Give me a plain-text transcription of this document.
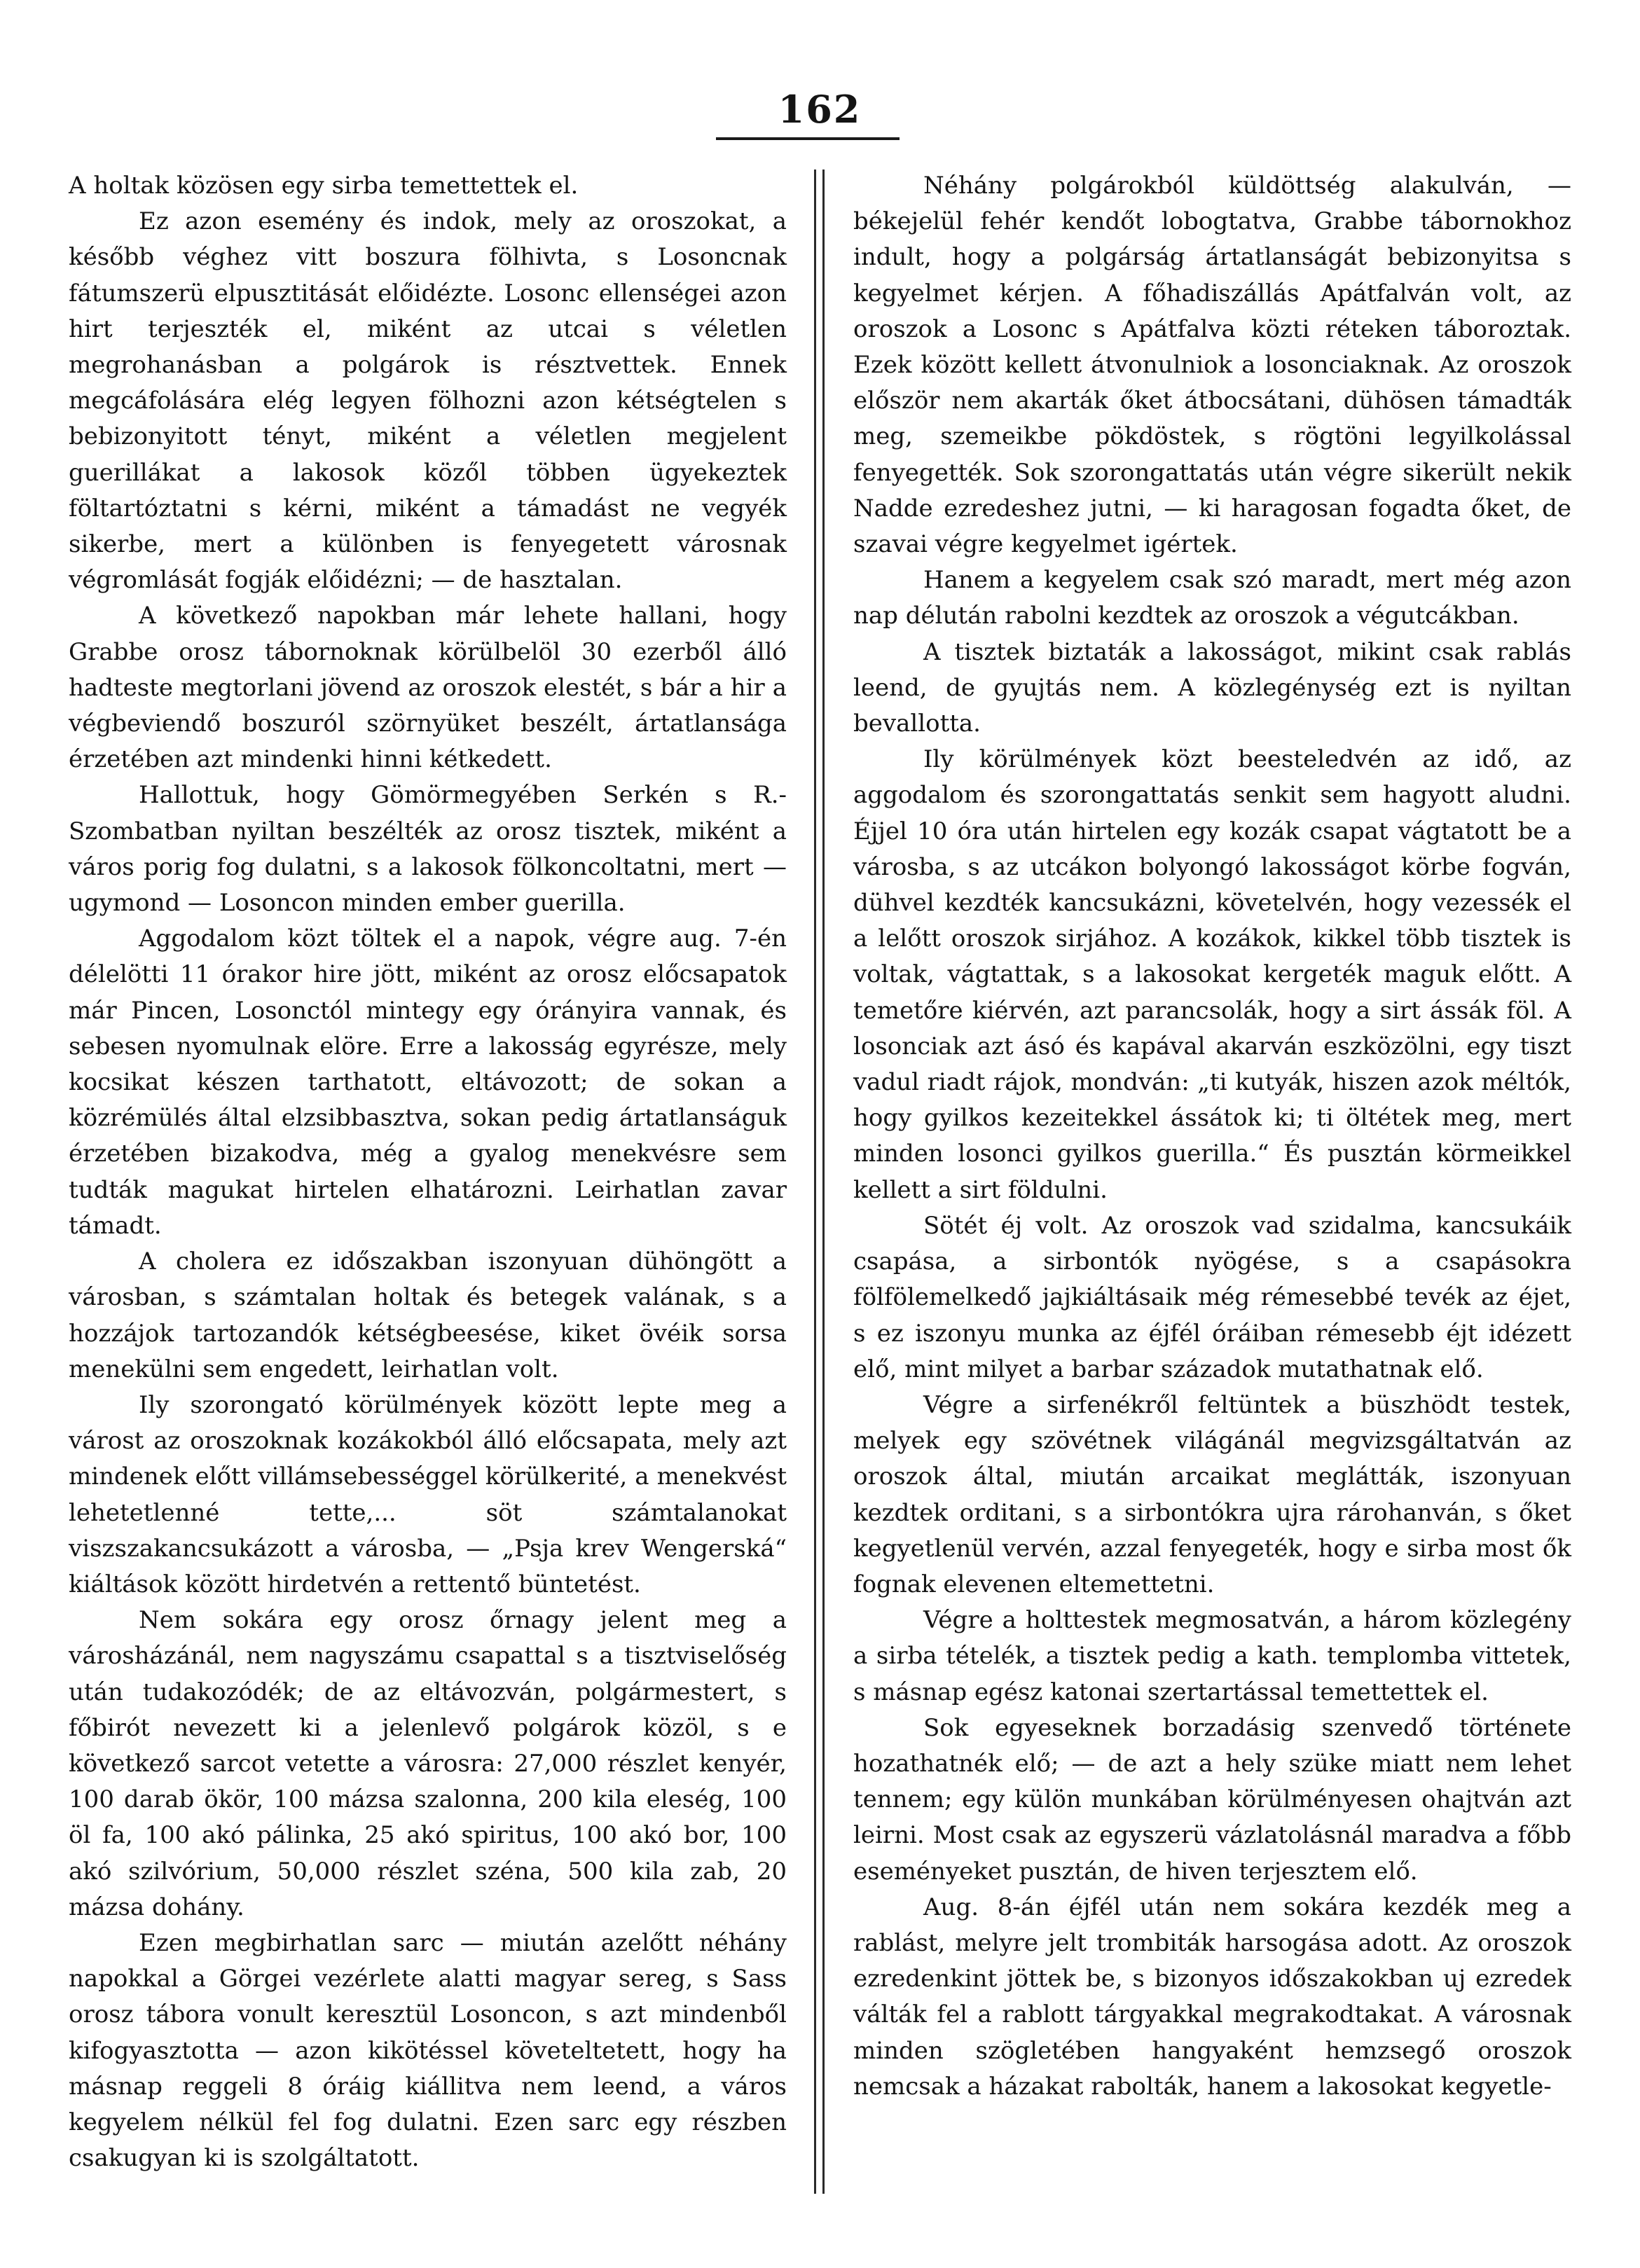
162

A holtak közösen egy sirba temettettek el.

Ez azon esemény és indok, mely az oroszokat, a később véghez vitt boszura fölhivta, s Losoncnak fátumszerü elpusztitását előidézte. Losonc ellenségei azon hirt terjeszték el, miként az utcai s véletlen megrohanásban a polgárok is résztvettek. Ennek megcáfolására elég legyen fölhozni azon kétségtelen s bebizonyitott tényt, miként a véletlen megjelent guerillákat a lakosok közől többen ügyekeztek föltartóztatni s kérni, miként a támadást ne vegyék sikerbe, mert a különben is fenyegetett városnak végromlását fogják előidézni; — de hasztalan.

A következő napokban már lehete hallani, hogy Grabbe orosz tábornoknak körülbelöl 30 ezerből álló hadteste megtorlani jövend az oroszok elestét, s bár a hir a végbeviendő boszuról szörnyüket beszélt, ártatlansága érzetében azt mindenki hinni kétkedett.

Hallottuk, hogy Gömörmegyében Serkén s R.-Szombatban nyiltan beszélték az orosz tisztek, miként a város porig fog dulatni, s a lakosok fölkoncoltatni, mert — ugymond — Losoncon minden ember guerilla.

Aggodalom közt töltek el a napok, végre aug. 7-én délelötti 11 órakor hire jött, miként az orosz előcsapatok már Pincen, Losonctól mintegy egy órányira vannak, és sebesen nyomulnak elöre. Erre a lakosság egyrésze, mely kocsikat készen tarthatott, eltávozott; de sokan a közrémülés által elzsibbasztva, sokan pedig ártatlanságuk érzetében bizakodva, még a gyalog menekvésre sem tudták magukat hirtelen elhatározni. Leirhatlan zavar támadt.

A cholera ez időszakban iszonyuan dühöngött a városban, s számtalan holtak és betegek valának, s a hozzájok tartozandók kétségbeesése, kiket övéik sorsa menekülni sem engedett, leirhatlan volt.

Ily szorongató körülmények között lepte meg a várost az oroszoknak kozákokból álló előcsapata, mely azt mindenek előtt villámsebességgel körülkerité, a menekvést lehetetlenné tette,... söt számtalanokat viszszakancsukázott a városba, — „Psja krev Wengerská“ kiáltások között hirdetvén a rettentő büntetést.

Nem sokára egy orosz őrnagy jelent meg a városházánál, nem nagyszámu csapattal s a tisztviselőség után tudakozódék; de az eltávozván, polgármestert, s főbirót nevezett ki a jelenlevő polgárok közöl, s e következő sarcot vetette a városra: 27,000 részlet kenyér, 100 darab ökör, 100 mázsa szalonna, 200 kila eleség, 100 öl fa, 100 akó pálinka, 25 akó spiritus, 100 akó bor, 100 akó szilvórium, 50,000 részlet széna, 500 kila zab, 20 mázsa dohány.

Ezen megbirhatlan sarc — miután azelőtt néhány napokkal a Görgei vezérlete alatti magyar sereg, s Sass orosz tábora vonult keresztül Losoncon, s azt mindenből kifogyasztotta — azon kikötéssel követeltetett, hogy ha másnap reggeli 8 óráig kiállitva nem leend, a város kegyelem nélkül fel fog dulatni. Ezen sarc egy részben csakugyan ki is szolgáltatott.

Néhány polgárokból küldöttség alakulván, — békejelül fehér kendőt lobogtatva, Grabbe tábornokhoz indult, hogy a polgárság ártatlanságát bebizonyitsa s kegyelmet kérjen. A főhadiszállás Apátfalván volt, az oroszok a Losonc s Apátfalva közti réteken táboroztak. Ezek között kellett átvonulniok a losonciaknak. Az oroszok először nem akarták őket átbocsátani, dühösen támadták meg, szemeikbe pökdöstek, s rögtöni legyilkolással fenyegették. Sok szorongattatás után végre sikerült nekik Nadde ezredeshez jutni, — ki haragosan fogadta őket, de szavai végre kegyelmet igértek.

Hanem a kegyelem csak szó maradt, mert még azon nap délután rabolni kezdtek az oroszok a végutcákban.

A tisztek biztaták a lakosságot, mikint csak rablás leend, de gyujtás nem. A közlegénység ezt is nyiltan bevallotta.

Ily körülmények közt beesteledvén az idő, az aggodalom és szorongattatás senkit sem hagyott aludni. Éjjel 10 óra után hirtelen egy kozák csapat vágtatott be a városba, s az utcákon bolyongó lakosságot körbe fogván, dühvel kezdték kancsukázni, követelvén, hogy vezessék el a lelőtt oroszok sirjához. A kozákok, kikkel több tisztek is voltak, vágtattak, s a lakosokat kergeték maguk előtt. A temetőre kiérvén, azt parancsolák, hogy a sirt ássák föl. A losonciak azt ásó és kapával akarván eszközölni, egy tiszt vadul riadt rájok, mondván: „ti kutyák, hiszen azok méltók, hogy gyilkos kezeitekkel ássátok ki; ti öltétek meg, mert minden losonci gyilkos guerilla.“ És pusztán körmeikkel kellett a sirt földulni.

Sötét éj volt. Az oroszok vad szidalma, kancsukáik csapása, a sirbontók nyögése, s a csapásokra fölfölemelkedő jajkiáltásaik még rémesebbé tevék az éjet, s ez iszonyu munka az éjfél óráiban rémesebb éjt idézett elő, mint milyet a barbar századok mutathatnak elő.

Végre a sirfenékről feltüntek a büszhödt testek, melyek egy szövétnek világánál megvizsgáltatván az oroszok által, miután arcaikat meglátták, iszonyuan kezdtek orditani, s a sirbontókra ujra rárohanván, s őket kegyetlenül vervén, azzal fenyegeték, hogy e sirba most ők fognak elevenen eltemettetni.

Végre a holttestek megmosatván, a három közlegény a sirba tételék, a tisztek pedig a kath. templomba vittetek, s másnap egész katonai szertartással temettettek el.

Sok egyeseknek borzadásig szenvedő története hozathatnék elő; — de azt a hely szüke miatt nem lehet tennem; egy külön munkában körülményesen ohajtván azt leirni. Most csak az egyszerü vázlatolásnál maradva a főbb eseményeket pusztán, de hiven terjesztem elő.

Aug. 8-án éjfél után nem sokára kezdék meg a rablást, melyre jelt trombiták harsogása adott. Az oroszok ezredenkint jöttek be, s bizonyos időszakokban uj ezredek válták fel a rablott tárgyakkal megrakodtakat. A városnak minden szögletében hangyaként hemzsegő oroszok nemcsak a házakat rabolták, hanem a lakosokat kegyetle-
